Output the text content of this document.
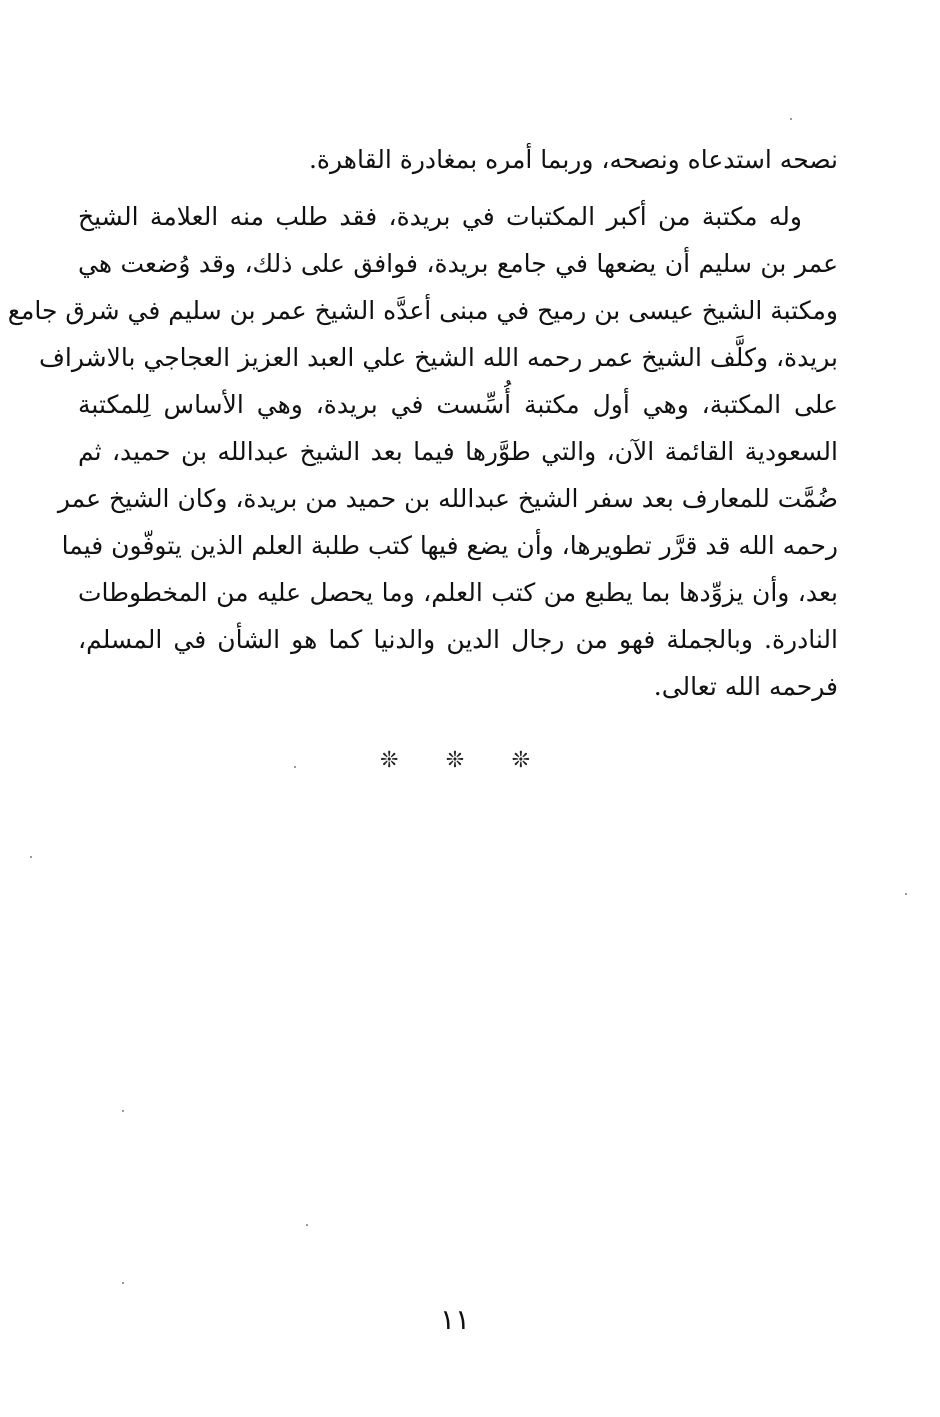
نصحه استدعاه ونصحه، وربما أمره بمغادرة القاهرة.
وله مكتبة من أكبر المكتبات في بريدة، فقد طلب منه العلامة الشيخ
عمر بن سليم أن يضعها في جامع بريدة، فوافق على ذلك، وقد وُضعت هي
ومكتبة الشيخ عيسى بن رميح في مبنى أعدَّه الشيخ عمر بن سليم في شرق جامع
بريدة، وكلَّف الشيخ عمر رحمه الله الشيخ علي العبد العزيز العجاجي بالاشراف
على المكتبة، وهي أول مكتبة أُسِّست في بريدة، وهي الأساس لِلمكتبة
السعودية القائمة الآن، والتي طوَّرها فيما بعد الشيخ عبدالله بن حميد، ثم
ضُمَّت للمعارف بعد سفر الشيخ عبدالله بن حميد من بريدة، وكان الشيخ عمر
رحمه الله قد قرَّر تطويرها، وأن يضع فيها كتب طلبة العلم الذين يتوفّون فيما
بعد، وأن يزوِّدها بما يطبع من كتب العلم، وما يحصل عليه من المخطوطات
النادرة. وبالجملة فهو من رجال الدين والدنيا كما هو الشأن في المسلم،
فرحمه الله تعالى.
❊ ❊ ❊
١١
